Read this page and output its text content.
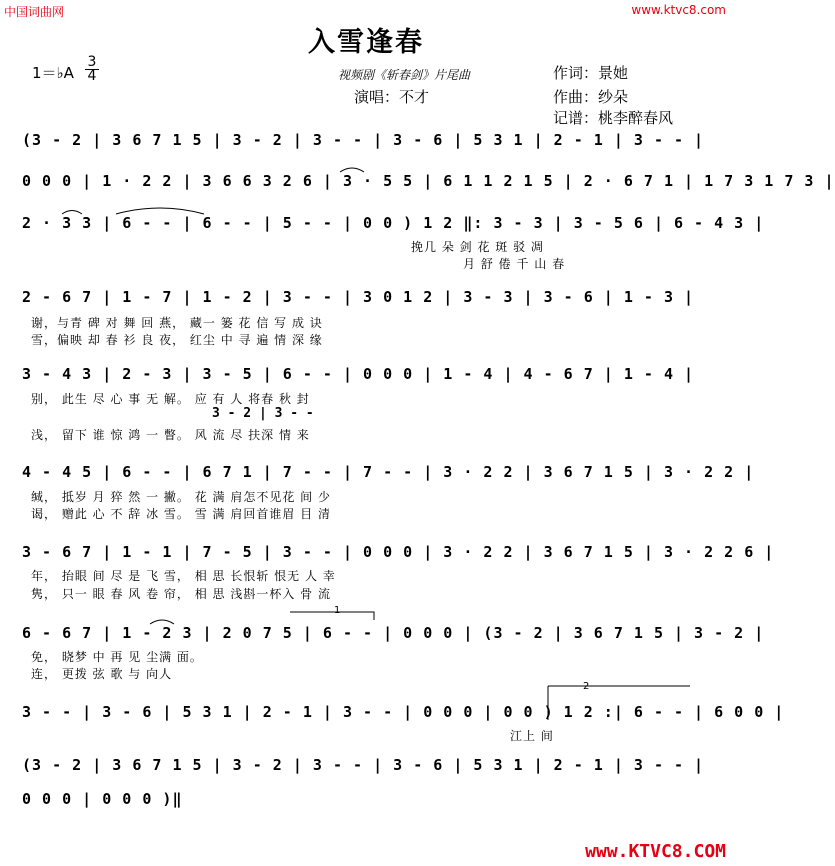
中国词曲网	www.ktvc8.com
入雪逢春
视频剧《斩春剑》片尾曲
演唱：不才
作词：景她
作曲：纱朵
记谱：桃李醉春风
1＝♭A
3
4
(3 - 2 | 3 6 7 1 5 | 3 - 2 | 3 - - | 3 - 6 | 5 3 1 | 2 - 1 | 3 - - |
0 0 0 | 1 · 2 2 | 3 6 6 3 2 6 | 3 · 5 5 | 6 1 1 2 1 5 | 2 · 6 7 1 | 1 7 3 1 7 3 |
2 · 3 3 | 6 - - | 6 - - | 5 - - | 0 0 ) 1 2 ‖: 3 - 3 | 3 - 5 6 | 6 - 4 3 |
挽几 朵 剑 花 斑 驳 凋
月 舒 倦 千 山 春
2 - 6 7 | 1 - 7 | 1 - 2 | 3 - - | 3 0 1 2 | 3 - 3 | 3 - 6 | 1 - 3 |
谢，与青 碑 对 舞 回 燕， 藏一 篓 花 信 写 成 诀
雪，偏映 却 春 衫 良 夜， 红尘 中 寻 遍 情 深 缘
3 - 4 3 | 2 - 3 | 3 - 5 | 6 - - | 0 0 0 | 1 - 4 | 4 - 6 7 | 1 - 4 |
别， 此生 尽 心 事 无 解。 应 有 人 将春 秋 封
3 - 2 | 3 - -
浅， 留下 谁 惊 鸿 一 瞥。 风 流 尽 扶深 情 来
4 - 4 5 | 6 - - | 6 7 1 | 7 - - | 7 - - | 3 · 2 2 | 3 6 7 1 5 | 3 · 2 2 |
缄， 抵岁 月 猝 然 一 撇。 花 满 肩怎不见花 间 少
谒， 赠此 心 不 辞 冰 雪。 雪 满 肩回首谁眉 目 清
3 - 6 7 | 1 - 1 | 7 - 5 | 3 - - | 0 0 0 | 3 · 2 2 | 3 6 7 1 5 | 3 · 2 2 6 |
年， 抬眼 间 尽 是 飞 雪， 相 思 长恨斩 恨无 人 幸
隽， 只一 眼 春 风 卷 帘， 相 思 浅斟一杯入 骨 流
1
6 - 6 7 | 1 - 2 3 | 2 0 7 5 | 6 - - | 0 0 0 | (3 - 2 | 3 6 7 1 5 | 3 - 2 |
免， 晓梦 中 再 见 尘满 面。
连， 更拨 弦 歌 与 向人
2
3 - - | 3 - 6 | 5 3 1 | 2 - 1 | 3 - - | 0 0 0 | 0 0 ) 1 2 :| 6 - - | 6 0 0 |
江上 间
(3 - 2 | 3 6 7 1 5 | 3 - 2 | 3 - - | 3 - 6 | 5 3 1 | 2 - 1 | 3 - - |
0 0 0 | 0 0 0 )‖
www.KTVC8.COM
